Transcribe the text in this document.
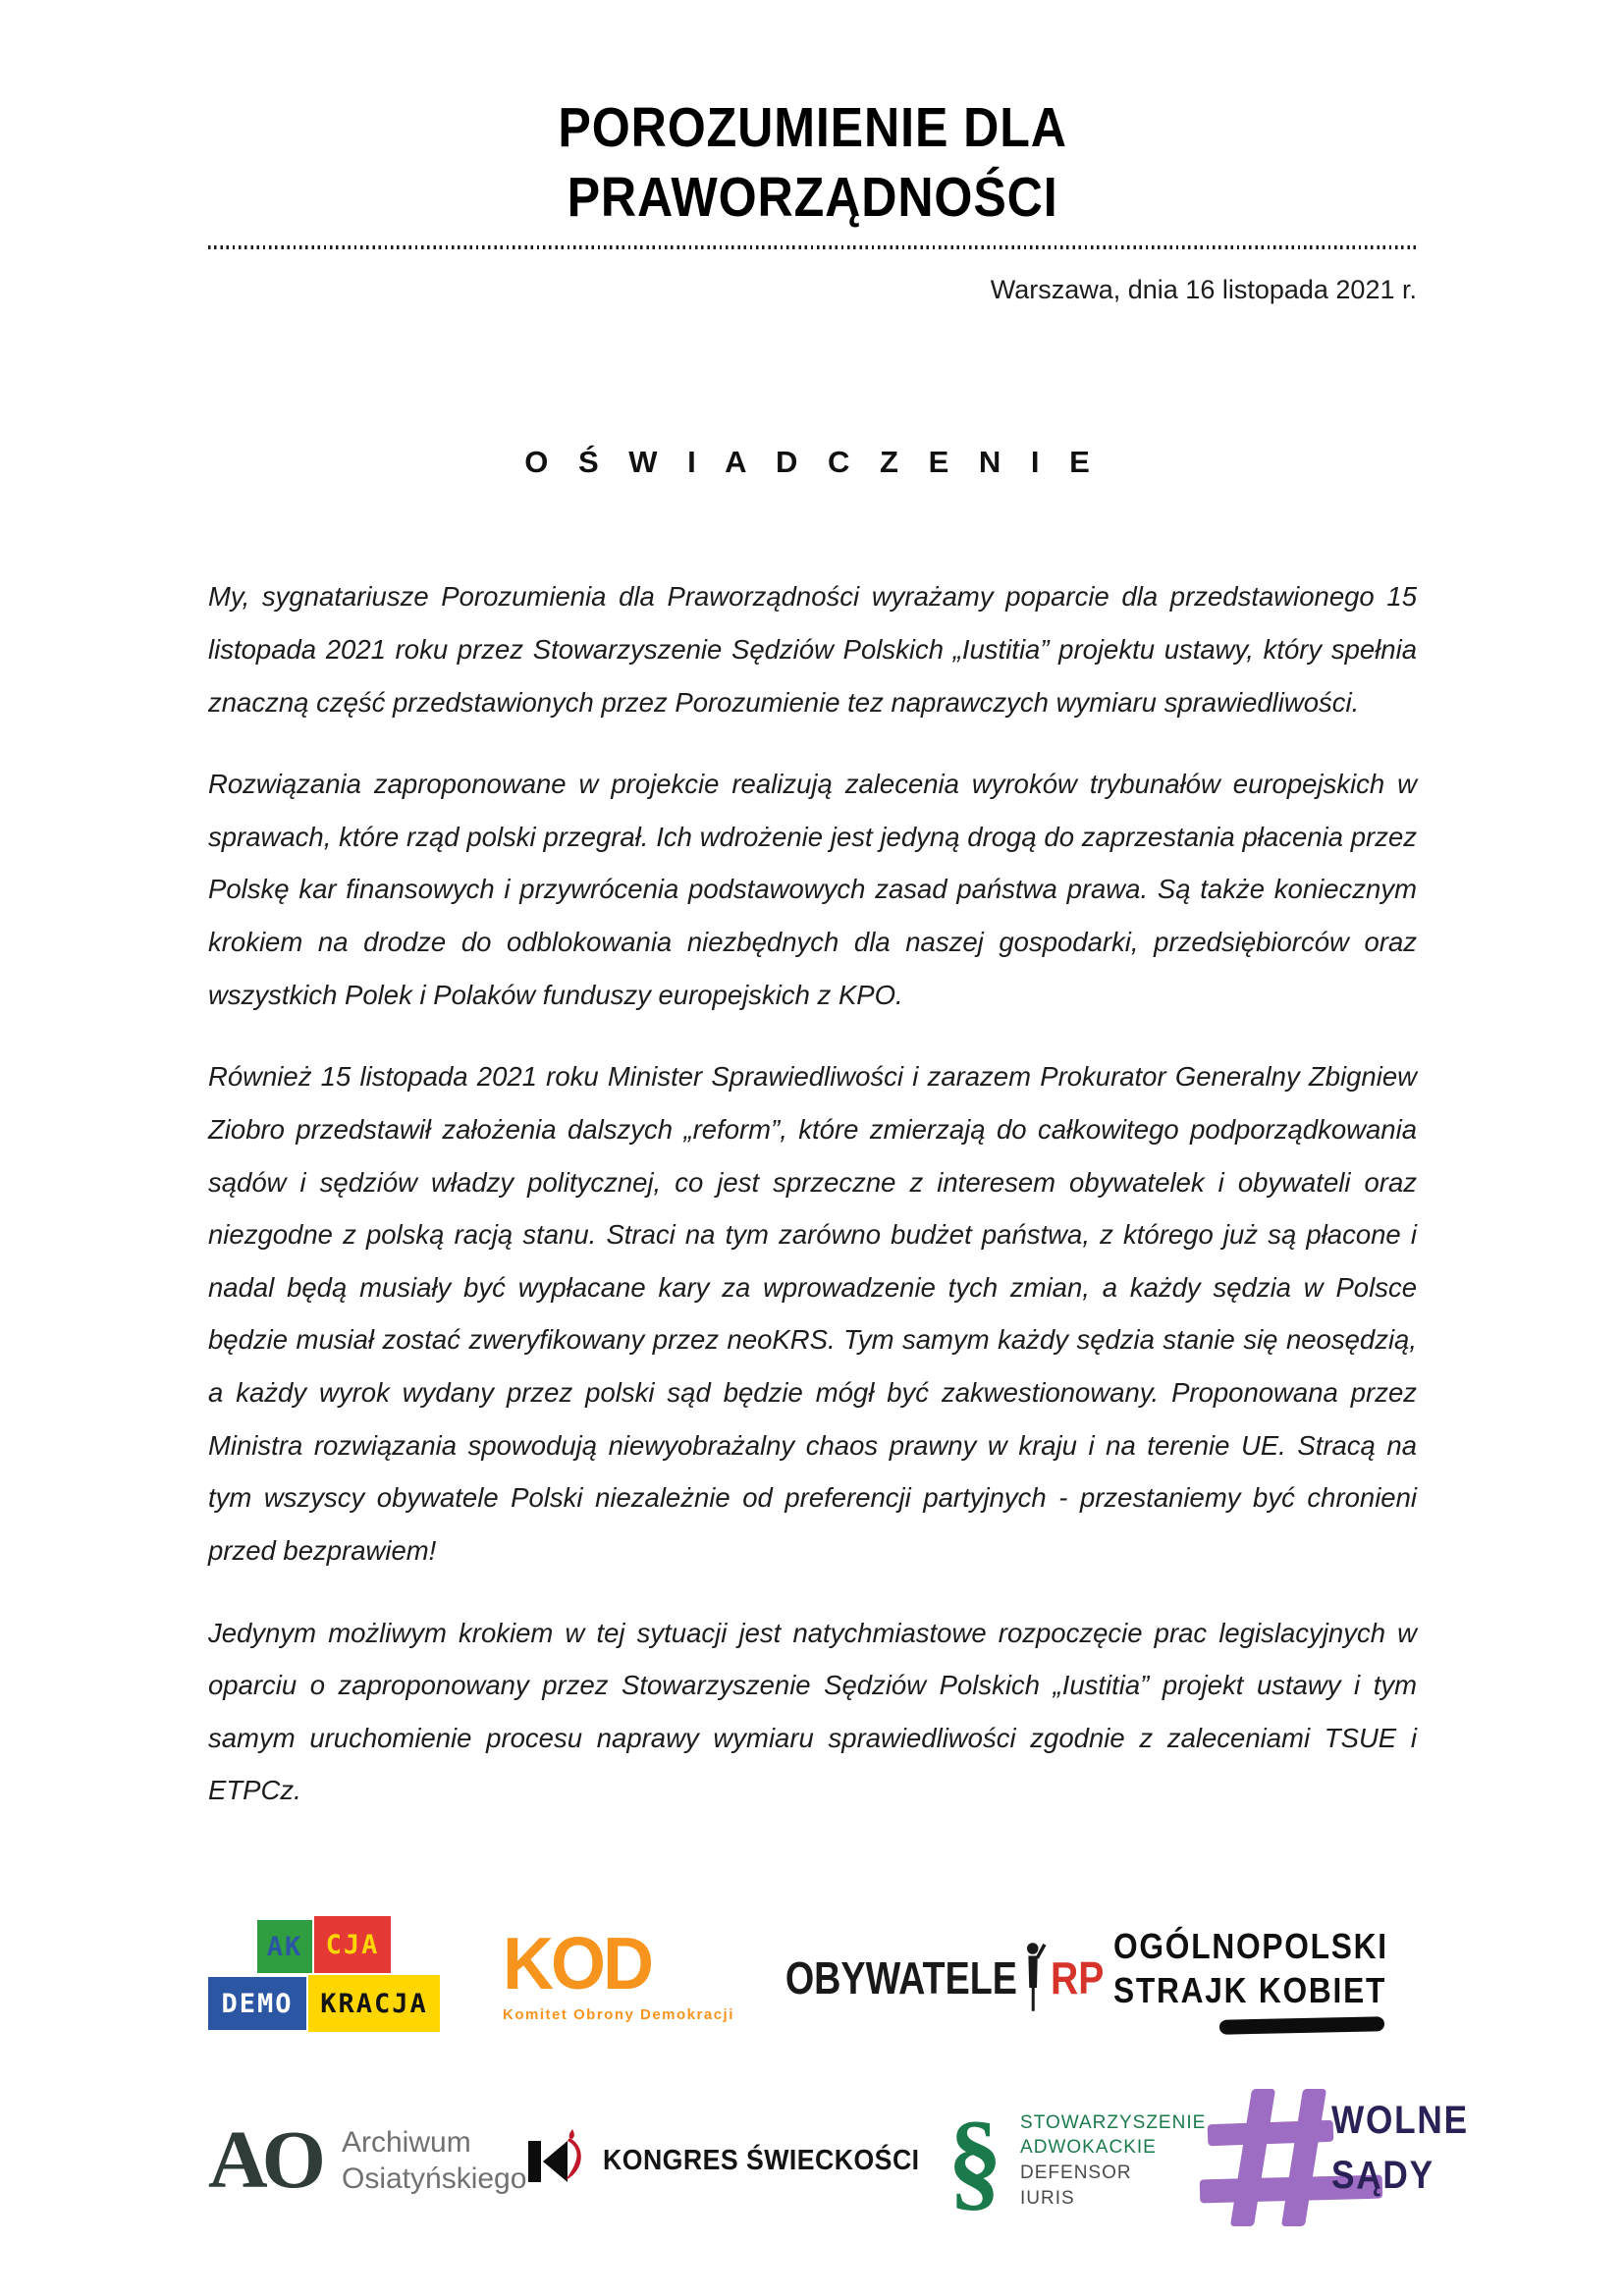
POROZUMIENIE DLA
PRAWORZĄDNOŚCI
Warszawa, dnia 16 listopada 2021 r.
O Ś W I A D C Z E N I E

My, sygnatariusze Porozumienia dla Praworządności wyrażamy poparcie dla przedstawionego 15 listopada 2021 roku przez Stowarzyszenie Sędziów Polskich „Iustitia” projektu ustawy, który spełnia znaczną część przedstawionych przez Porozumienie tez naprawczych wymiaru sprawiedliwości.

Rozwiązania zaproponowane w projekcie realizują zalecenia wyroków trybunałów europejskich w sprawach, które rząd polski przegrał. Ich wdrożenie jest jedyną drogą do zaprzestania płacenia przez Polskę kar finansowych i przywrócenia podstawowych zasad państwa prawa. Są także koniecznym krokiem na drodze do odblokowania niezbędnych dla naszej gospodarki, przedsiębiorców oraz wszystkich Polek i Polaków funduszy europejskich z KPO.

Również 15 listopada 2021 roku Minister Sprawiedliwości i zarazem Prokurator Generalny Zbigniew Ziobro przedstawił założenia dalszych „reform”, które zmierzają do całkowitego podporządkowania sądów i sędziów władzy politycznej, co jest sprzeczne z interesem obywatelek i obywateli oraz niezgodne z polską racją stanu. Straci na tym zarówno budżet państwa, z którego już są płacone i nadal będą musiały być wypłacane kary za wprowadzenie tych zmian, a każdy sędzia w Polsce będzie musiał zostać zweryfikowany przez neoKRS. Tym samym każdy sędzia stanie się neosędzią, a każdy wyrok wydany przez polski sąd będzie mógł być zakwestionowany. Proponowana przez Ministra rozwiązania spowodują niewyobrażalny chaos prawny w kraju i na terenie UE. Stracą na tym wszyscy obywatele Polski niezależnie od preferencji partyjnych - przestaniemy być chronieni przed bezprawiem!

Jedynym możliwym krokiem w tej sytuacji jest natychmiastowe rozpoczęcie prac legislacyjnych w oparciu o zaproponowany przez Stowarzyszenie Sędziów Polskich „Iustitia” projekt ustawy i tym samym uruchomienie procesu naprawy wymiaru sprawiedliwości zgodnie z zaleceniami TSUE i ETPCz.

AK CJA
DEMO	KRACJA KOD
Komitet Obrony Demokracji
OBYWATELE RP
OGÓLNOPOLSKI
STRAJK KOBIET
AO Archiwum
Osiatyńskiego
KONGRES ŚWIECKOŚCI § STOWARZYSZENIE
ADWOKACKIE
DEFENSOR
IURIS
WOLNE
SĄDY
